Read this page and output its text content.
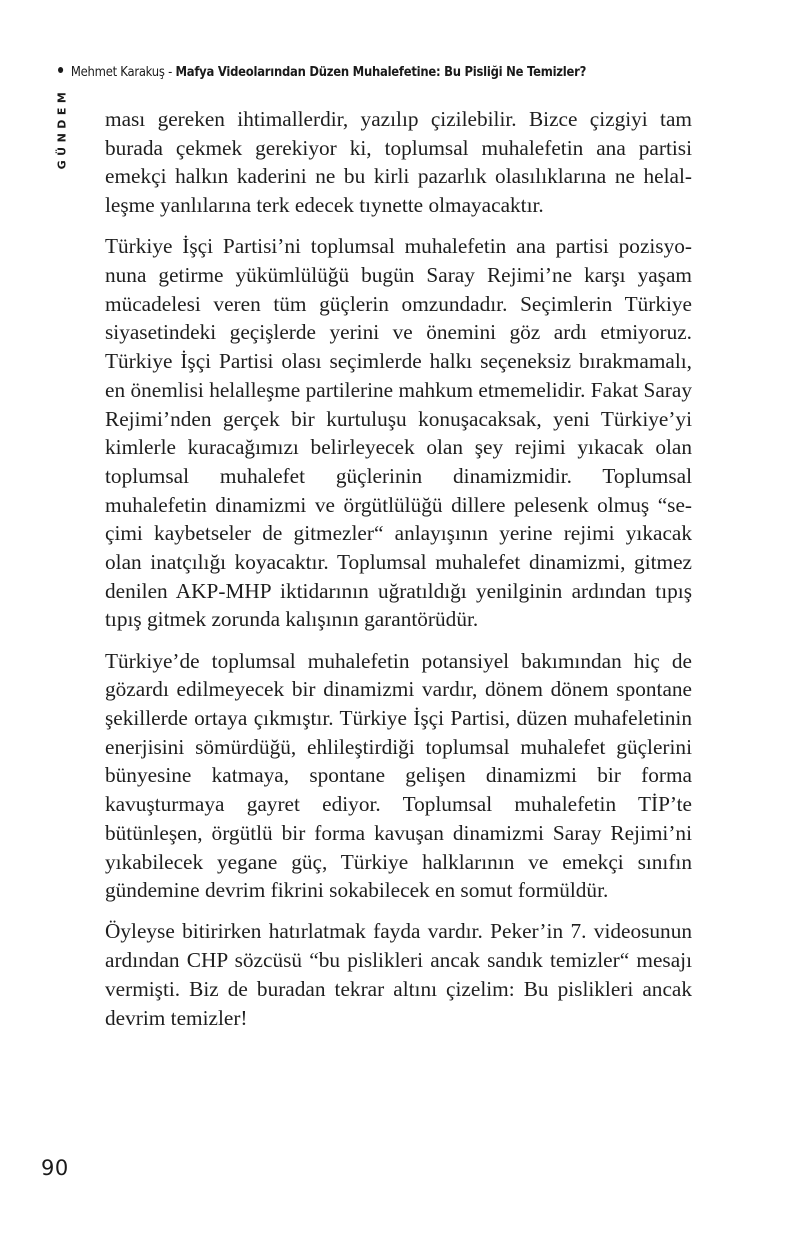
Mehmet Karakuş - Mafya Videolarından Düzen Muhalefetine: Bu Pisliği Ne Temizler?
GÜNDEM ması gereken ihtimallerdir, yazılıp çizilebilir. Bizce çizgiyi tam burada çekmek gerekiyor ki, toplumsal muhalefetin ana partisi emekçi halkın kaderini ne bu kirli pazarlık olasılıklarına ne helalleşme yanlılarına terk edecek tıynette olmayacaktır.

Türkiye İşçi Partisi’ni toplumsal muhalefetin ana partisi pozisyonuna getirme yükümlülüğü bugün Saray Rejimi’ne karşı yaşam mücadelesi veren tüm güçlerin omzundadır. Seçimlerin Türkiye siyasetindeki geçişlerde yerini ve önemini göz ardı etmiyoruz. Türkiye İşçi Partisi olası seçimlerde halkı seçeneksiz bırakmamalı, en önemlisi helalleşme partilerine mahkum etmemelidir. Fakat Saray Rejimi’nden gerçek bir kurtuluşu konuşacaksak, yeni Türkiye’yi kimlerle kuracağımızı belirleyecek olan şey rejimi yıkacak olan toplumsal muhalefet güçlerinin dinamizmidir. Toplumsal muhalefetin dinamizmi ve örgütlülüğü dillere pelesenk olmuş “seçimi kaybetseler de gitmezler“ anlayışının yerine rejimi yıkacak olan inatçılığı koyacaktır. Toplumsal muhalefet dinamizmi, gitmez denilen AKP-MHP iktidarının uğratıldığı yenilginin ardından tıpış tıpış gitmek zorunda kalışının garantörüdür.

Türkiye’de toplumsal muhalefetin potansiyel bakımından hiç de gözardı edilmeyecek bir dinamizmi vardır, dönem dönem spontane şekillerde ortaya çıkmıştır. Türkiye İşçi Partisi, düzen muhafeletinin enerjisini sömürdüğü, ehlileştirdiği toplumsal muhalefet güçlerini bünyesine katmaya, spontane gelişen dinamizmi bir forma kavuşturmaya gayret ediyor. Toplumsal muhalefetin TİP’te bütünleşen, örgütlü bir forma kavuşan dinamizmi Saray Rejimi’ni yıkabilecek yegane güç, Türkiye halklarının ve emekçi sınıfın gündemine devrim fikrini sokabilecek en somut formüldür.

Öyleyse bitirirken hatırlatmak fayda vardır. Peker’in 7. videosunun ardından CHP sözcüsü “bu pislikleri ancak sandık temizler“ mesajı vermişti. Biz de buradan tekrar altını çizelim: Bu pislikleri ancak devrim temizler!

90
